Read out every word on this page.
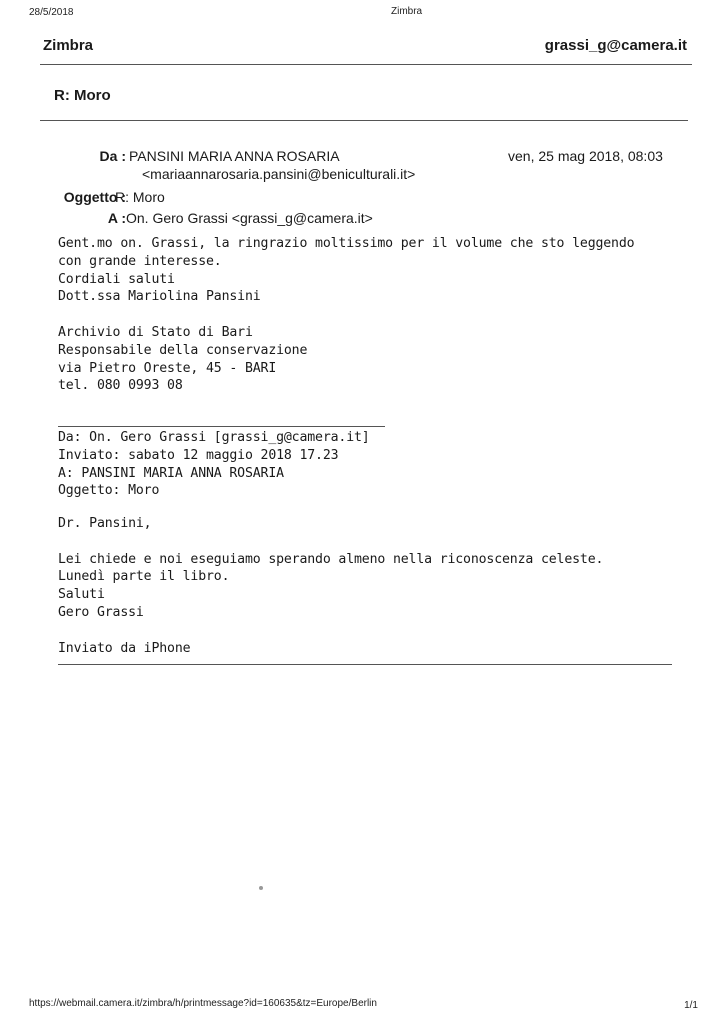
28/5/2018	Zimbra
Zimbra	grassi_g@camera.it
R: Moro
Da : PANSINI MARIA ANNA ROSARIA
<mariaannarosaria.pansini@beniculturali.it>
ven, 25 mag 2018, 08:03
Oggetto :
R: Moro
A : On. Gero Grassi <grassi_g@camera.it>
Gent.mo on. Grassi, la ringrazio moltissimo per il volume che sto leggendo
con grande interesse.
Cordiali saluti
Dott.ssa Mariolina Pansini

Archivio di Stato di Bari
Responsabile della conservazione
via Pietro Oreste, 45 - BARI
tel. 080 0993 08
Da: On. Gero Grassi [grassi_g@camera.it]
Inviato: sabato 12 maggio 2018 17.23
A: PANSINI MARIA ANNA ROSARIA
Oggetto: Moro
Dr. Pansini,

Lei chiede e noi eseguiamo sperando almeno nella riconoscenza celeste.
Lunedì parte il libro.
Saluti
Gero Grassi

Inviato da iPhone
https://webmail.camera.it/zimbra/h/printmessage?id=160635&tz=Europe/Berlin	1/1
